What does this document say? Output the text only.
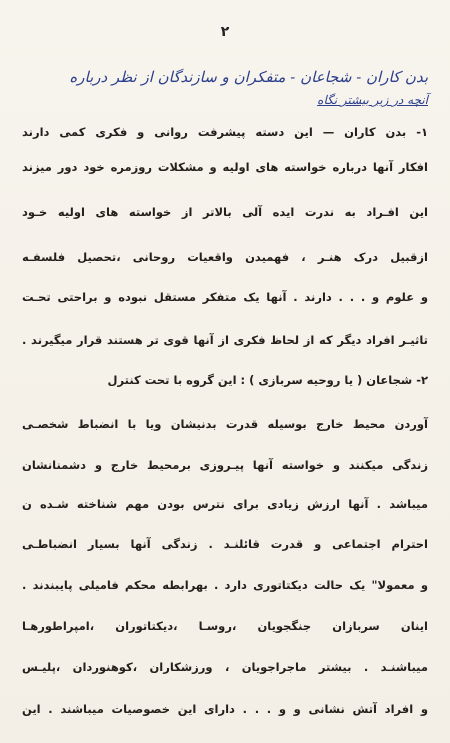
۲
بدن کاران - شجاعان - متفکران و سازندگان از نظر درباره
آنچه در زیر بیشتر نگاه
۱- بدن کاران — این دسته پیشرفت روانی و فکری کمی دارند
افکار آنها درباره خواسته های اولیه و مشکلات روزمره خود دور میزند
این افـراد به ندرت ایده آلی بالاتر از خواسته های اولیه خـود
ازقبیل درک هنـر ، فهمیدن واقعیات روحانی ،تحصیل فلسفـه
و علوم و . . . دارند . آنها یک متفکر مستقل نبوده و براحتی تحـت
تاثیـر افراد دیگر که از لحاظ فکری از آنها قوی تر هستند قرار میگیرند .
۲- شجاعان ( یا روحیه سربازی ) : این گروه با تحت کنترل
آوردن محیط خارج بوسیله قدرت بدنیشان ویا با انضباط شخصـی
زندگی میکنند و خواسته آنها پیـروزی برمحیط خارج و دشمنانشان
میباشد . آنها ارزش زیادی برای نترس بودن مهم شناخته شـده ن
احترام اجتماعی و قدرت قائلنـد . زندگی آنها بسیار انضباطـی
و معمولا" یک حالت دیکتاتوری دارد . بهرابطه محکم فامیلی پایبندند .
اینان سربازان جنگجویان ،روسـا ،دیکتاتوران ،امپراطورهـا
میباشنـد . بیشتر ماجراجویان ، ورزشکاران ،کوهنوردان ،پلیـس
و افراد آتش نشانی و و . . . دارای این خصوصیات میباشند . این
